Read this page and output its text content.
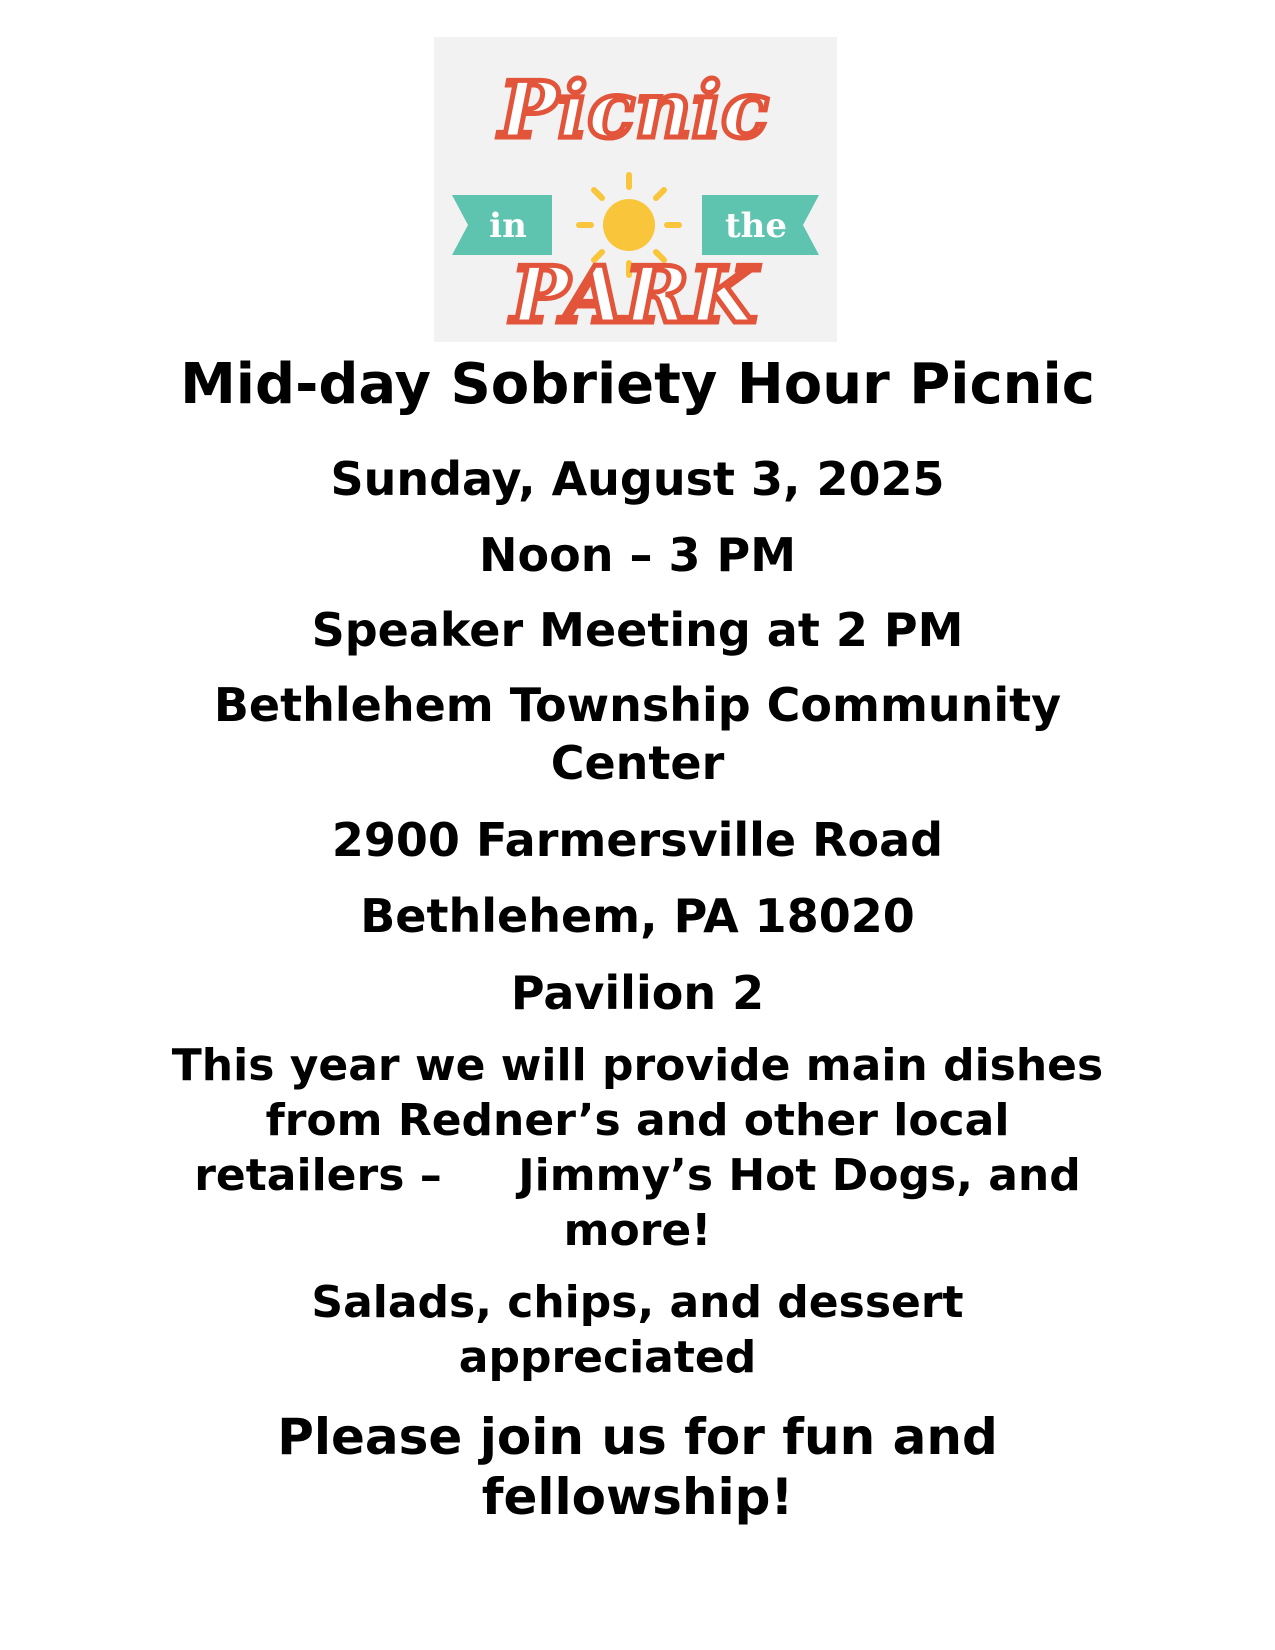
Picnic
in	the
PARK
Mid-day Sobriety Hour Picnic
Sunday, August 3, 2025
Noon – 3 PM
Speaker Meeting at 2 PM
Bethlehem Township Community
Center
2900 Farmersville Road
Bethlehem, PA 18020
Pavilion 2
This year we will provide main dishes
from Redner’s and other local
retailers –     Jimmy’s Hot Dogs, and
more!
Salads, chips, and dessert
appreciated
Please join us for fun and
fellowship!
